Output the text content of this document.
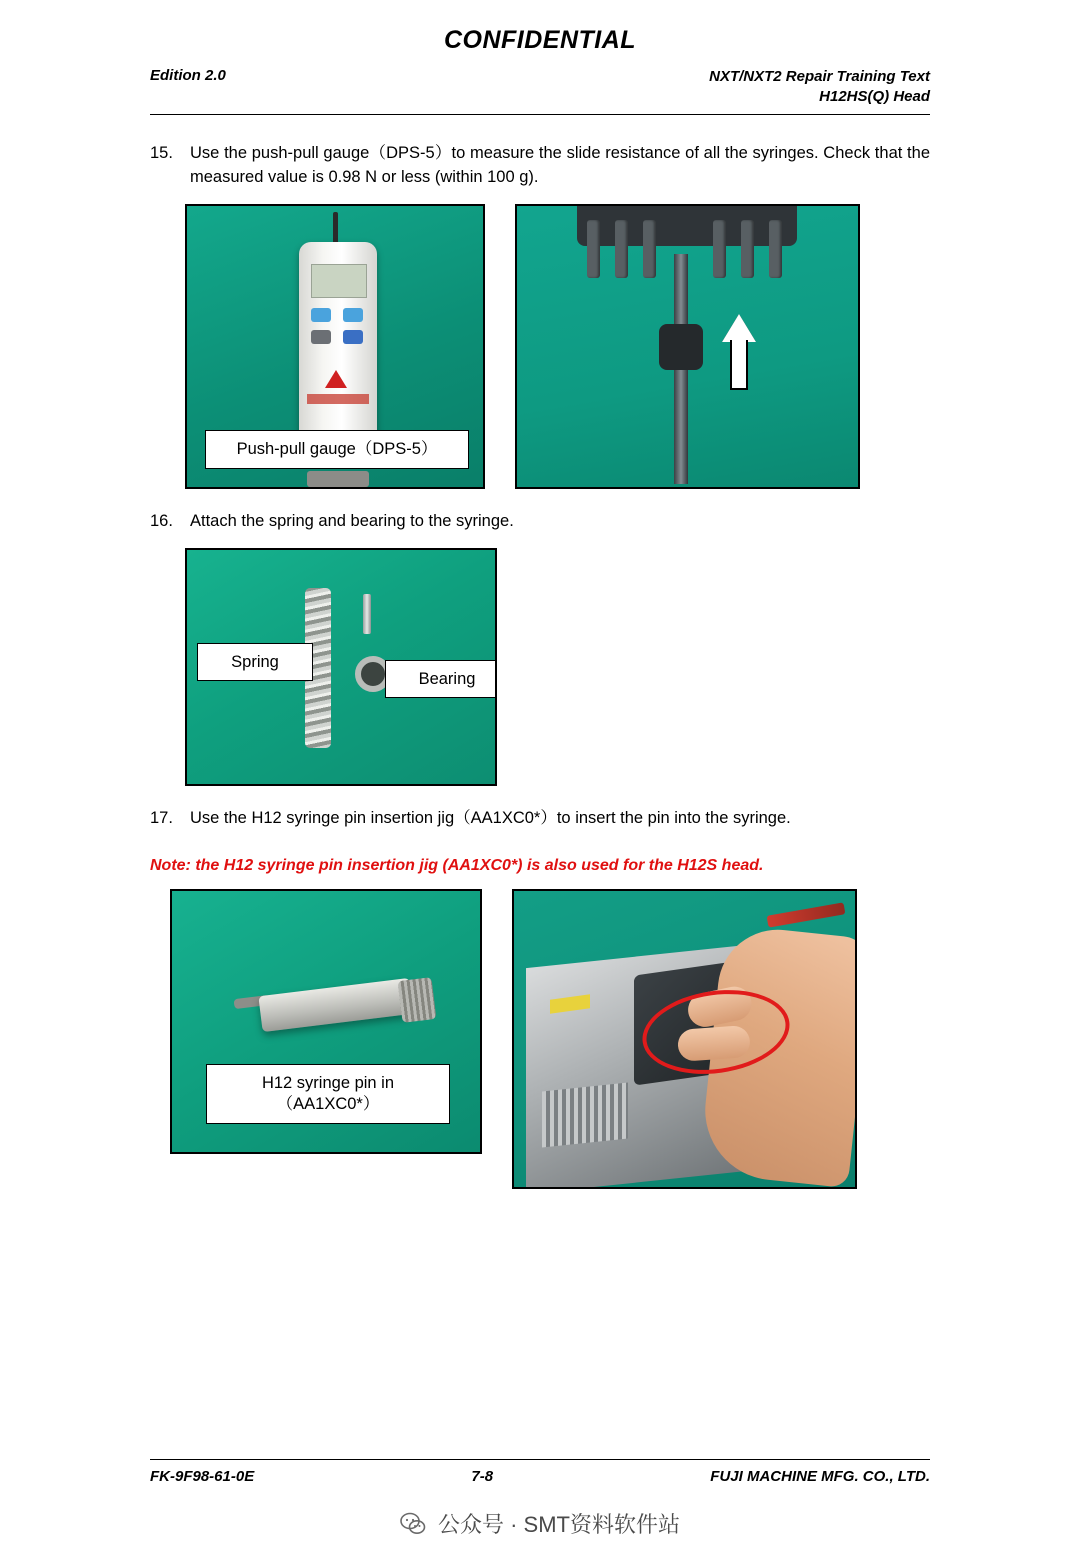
CONFIDENTIAL
Edition 2.0	NXT/NXT2 Repair Training Text
H12HS(Q) Head
15.	Use the push-pull gauge（DPS-5）to measure the slide resistance of all the syringes. Check that the measured value is 0.98 N or less (within 100 g).
Push-pull gauge（DPS-5）
16.	Attach the spring and bearing to the syringe.
Spring
Bearing
17.	Use the H12 syringe pin insertion jig（AA1XC0*）to insert the pin into the syringe.
Note: the H12 syringe pin insertion jig (AA1XC0*) is also used for the H12S head.
H12 syringe pin in
（AA1XC0*）
FK-9F98-61-0E	7-8	FUJI MACHINE MFG. CO., LTD.
公众号 · SMT资料软件站
